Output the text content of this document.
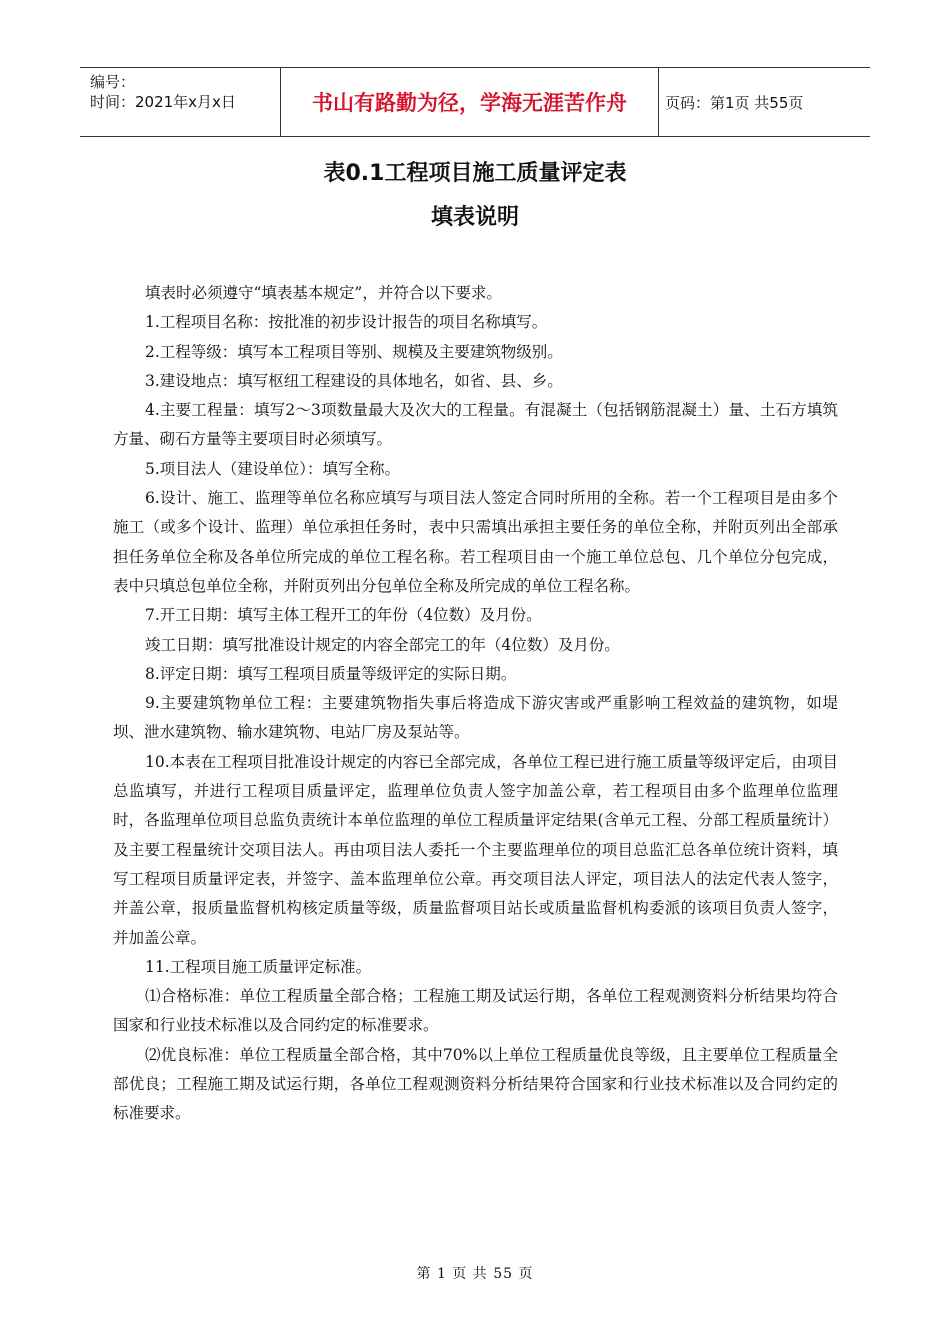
编号：
时间：2021年x月x日	书山有路勤为径，学海无涯苦作舟	页码：第1页 共55页
表0.1工程项目施工质量评定表
填表说明

填表时必须遵守“填表基本规定”，并符合以下要求。

1.工程项目名称：按批准的初步设计报告的项目名称填写。

2.工程等级：填写本工程项目等别、规模及主要建筑物级别。

3.建设地点：填写枢纽工程建设的具体地名，如省、县、乡。

4.主要工程量：填写2～3项数量最大及次大的工程量。有混凝土（包括钢筋混凝土）量、土石方填筑方量、砌石方量等主要项目时必须填写。

5.项目法人（建设单位）：填写全称。

6.设计、施工、监理等单位名称应填写与项目法人签定合同时所用的全称。若一个工程项目是由多个施工（或多个设计、监理）单位承担任务时，表中只需填出承担主要任务的单位全称，并附页列出全部承担任务单位全称及各单位所完成的单位工程名称。若工程项目由一个施工单位总包、几个单位分包完成，表中只填总包单位全称，并附页列出分包单位全称及所完成的单位工程名称。

7.开工日期：填写主体工程开工的年份（4位数）及月份。

竣工日期：填写批准设计规定的内容全部完工的年（4位数）及月份。

8.评定日期：填写工程项目质量等级评定的实际日期。

9.主要建筑物单位工程：主要建筑物指失事后将造成下游灾害或严重影响工程效益的建筑物，如堤坝、泄水建筑物、输水建筑物、电站厂房及泵站等。

10.本表在工程项目批准设计规定的内容已全部完成，各单位工程已进行施工质量等级评定后，由项目总监填写，并进行工程项目质量评定，监理单位负责人签字加盖公章，若工程项目由多个监理单位监理时，各监理单位项目总监负责统计本单位监理的单位工程质量评定结果(含单元工程、分部工程质量统计）及主要工程量统计交项目法人。再由项目法人委托一个主要监理单位的项目总监汇总各单位统计资料，填写工程项目质量评定表，并签字、盖本监理单位公章。再交项目法人评定，项目法人的法定代表人签字，并盖公章，报质量监督机构核定质量等级，质量监督项目站长或质量监督机构委派的该项目负责人签字，并加盖公章。

11.工程项目施工质量评定标准。

⑴合格标准：单位工程质量全部合格；工程施工期及试运行期，各单位工程观测资料分析结果均符合国家和行业技术标准以及合同约定的标准要求。

⑵优良标准：单位工程质量全部合格，其中70%以上单位工程质量优良等级，且主要单位工程质量全部优良；工程施工期及试运行期，各单位工程观测资料分析结果符合国家和行业技术标准以及合同约定的标准要求。

第 1 页 共 55 页
